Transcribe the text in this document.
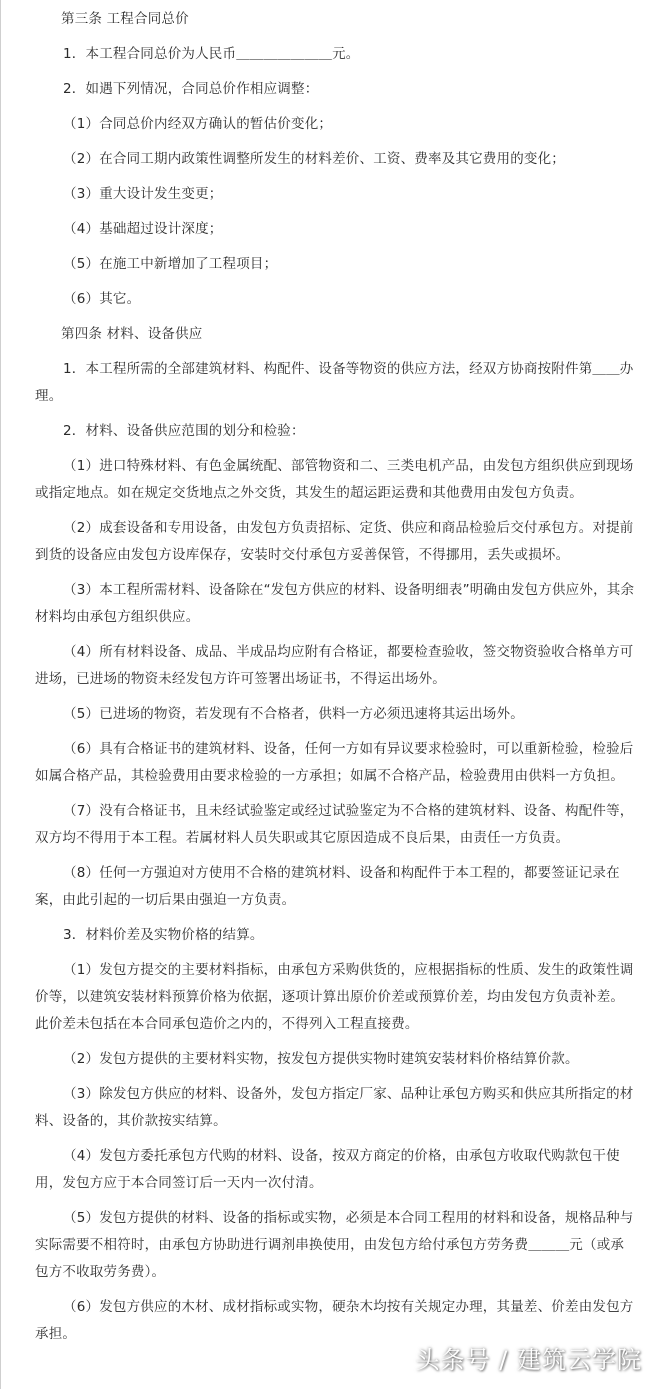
第三条 工程合同总价

1．本工程合同总价为人民币＿＿＿＿＿＿＿元。

2．如遇下列情况，合同总价作相应调整：

（1）合同总价内经双方确认的暂估价变化；

（2）在合同工期内政策性调整所发生的材料差价、工资、费率及其它费用的变化；

（3）重大设计发生变更；

（4）基础超过设计深度；

（5）在施工中新增加了工程项目；

（6）其它。

第四条 材料、设备供应

1．本工程所需的全部建筑材料、构配件、设备等物资的供应方法，经双方协商按附件第＿＿办理。

2．材料、设备供应范围的划分和检验：

（1）进口特殊材料、有色金属统配、部管物资和二、三类电机产品，由发包方组织供应到现场或指定地点。如在规定交货地点之外交货，其发生的超运距运费和其他费用由发包方负责。

（2）成套设备和专用设备，由发包方负责招标、定货、供应和商品检验后交付承包方。对提前到货的设备应由发包方设库保存，安装时交付承包方妥善保管，不得挪用，丢失或损坏。

（3）本工程所需材料、设备除在“发包方供应的材料、设备明细表”明确由发包方供应外，其余材料均由承包方组织供应。

（4）所有材料设备、成品、半成品均应附有合格证，都要检查验收，签交物资验收合格单方可进场，已进场的物资未经发包方许可签署出场证书，不得运出场外。

（5）已进场的物资，若发现有不合格者，供料一方必须迅速将其运出场外。

（6）具有合格证书的建筑材料、设备，任何一方如有异议要求检验时，可以重新检验，检验后如属合格产品，其检验费用由要求检验的一方承担；如属不合格产品，检验费用由供料一方负担。

（7）没有合格证书，且未经试验鉴定或经过试验鉴定为不合格的建筑材料、设备、构配件等，双方均不得用于本工程。若属材料人员失职或其它原因造成不良后果，由责任一方负责。

（8）任何一方强迫对方使用不合格的建筑材料、设备和构配件于本工程的，都要签证记录在案，由此引起的一切后果由强迫一方负责。

3．材料价差及实物价格的结算。

（1）发包方提交的主要材料指标，由承包方采购供货的，应根据指标的性质、发生的政策性调价等，以建筑安装材料预算价格为依据，逐项计算出原价价差或预算价差，均由发包方负责补差。此价差未包括在本合同承包造价之内的，不得列入工程直接费。

（2）发包方提供的主要材料实物，按发包方提供实物时建筑安装材料价格结算价款。

（3）除发包方供应的材料、设备外，发包方指定厂家、品种让承包方购买和供应其所指定的材料、设备的，其价款按实结算。

（4）发包方委托承包方代购的材料、设备，按双方商定的价格，由承包方收取代购款包干使用，发包方应于本合同签订后一天内一次付清。

（5）发包方提供的材料、设备的指标或实物，必须是本合同工程用的材料和设备，规格品种与实际需要不相符时，由承包方协助进行调剂串换使用，由发包方给付承包方劳务费＿＿＿元（或承包方不收取劳务费）。

（6）发包方供应的木材、成材指标或实物，硬杂木均按有关规定办理，其量差、价差由发包方承担。

头条号 / 建筑云学院
